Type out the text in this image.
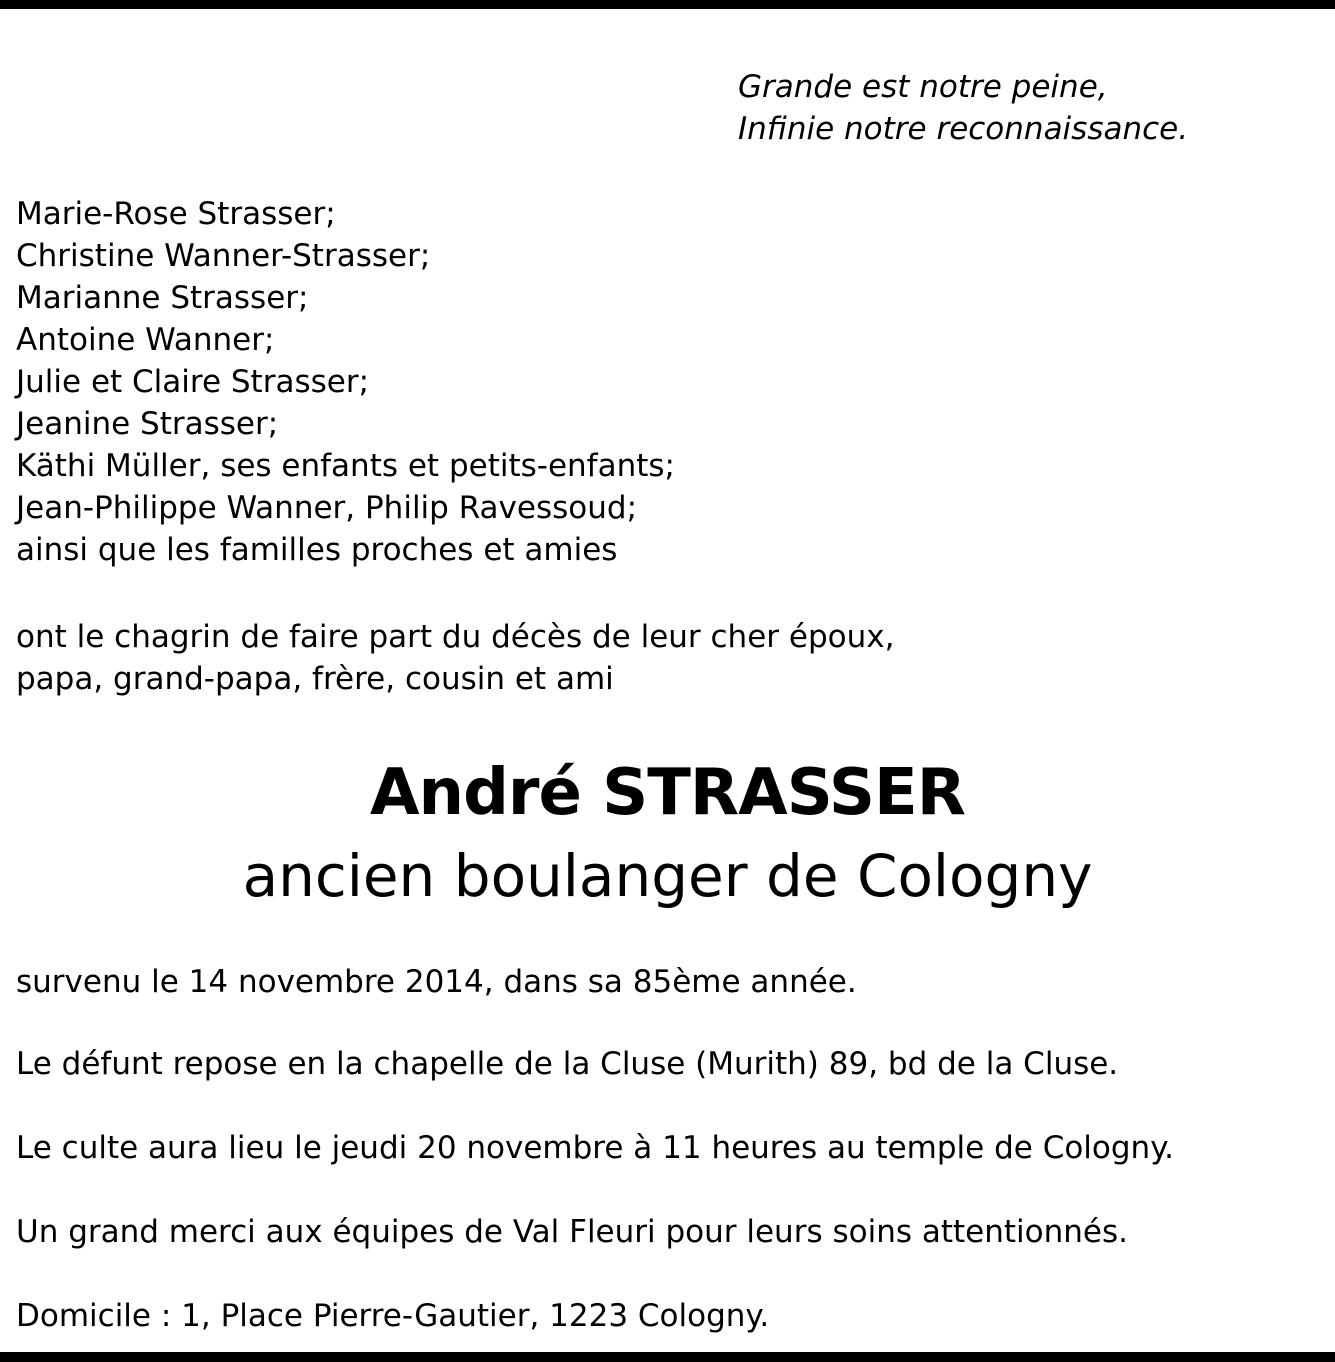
Grande est notre peine,
Infinie notre reconnaissance.
Marie-Rose Strasser;
Christine Wanner-Strasser;
Marianne Strasser;
Antoine Wanner;
Julie et Claire Strasser;
Jeanine Strasser;
Käthi Müller, ses enfants et petits-enfants;
Jean-Philippe Wanner, Philip Ravessoud;
ainsi que les familles proches et amies
ont le chagrin de faire part du décès de leur cher époux,
papa, grand-papa, frère, cousin et ami
André STRASSER
ancien boulanger de Cologny
survenu le 14 novembre 2014, dans sa 85ème année.
Le défunt repose en la chapelle de la Cluse (Murith) 89, bd de la Cluse.
Le culte aura lieu le jeudi 20 novembre à 11 heures au temple de Cologny.
Un grand merci aux équipes de Val Fleuri pour leurs soins attentionnés.
Domicile : 1, Place Pierre-Gautier, 1223 Cologny.
